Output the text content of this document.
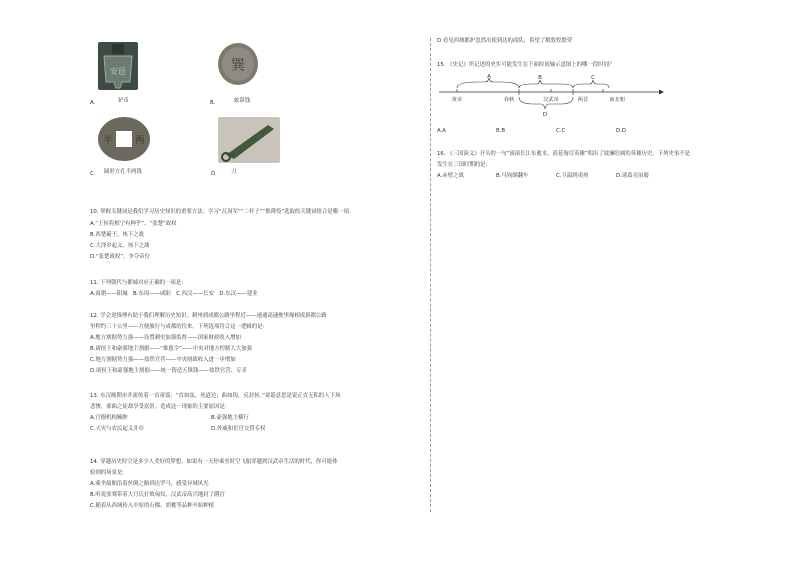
安邑
A.	铲币
巽
B.	蚁鼻钱
两
半
C. 圆形方孔半两钱	D.	刀
10. 掌握关键词是我们学习历史知识的重要方法。学习“瓦岗军”“二杆子”“推薄役”选取的关键词组合是哪一项：
A.“王侯将相宁有种乎”、“张楚”政权
B.西楚霸王、垓下之战
C.大泽乡起义、垓下之战
D.“张楚政权”、争夺帝位
11. 下列朝代与都城对应正确的一项是：
A.商朝——阳城　B.东周——咸阳　C.西汉——长安　D.东汉——建业
12. 学会逆推理有助于我们理解历史知识。刺州到成都公路里程近——速通高速驶里缘相成新都公路
里程约三十公里——方便旅行与成都的往来。下列选项符合这一逻辑的是：
A.地方割据势力强——设置刺史加强监督——国家财政收入增加
B.诸侯王和豪强地主割据——“推恩令”——中央对地方控制大大加强
C.地方割据势力强——盐铁官营——中央财政收入进一步增加
D.诸侯王和豪强地主割据——统一铸造五铢钱——盐铁官营、专卖
13. 东汉晚期市井流传着一首童谣：“直如弦，死道边；曲如钩，反封侯。”童谣意思是说正直无私的人下场
悲惨，邪曲之徒却享受富贵。造成这一现象的主要原因是：
A.官僚机构臃肿	B.豪强地主横行
C.天灾与农民起义并存	D.外戚和宦官交替专权
14. 穿越历史时空是多少人美好的梦想。如果有一天你乘坐时空飞船穿越到汉武帝生活的时代，你可能体
验到的场景是：
A.乘坐船舶沿着丝绸之路到达罗马，感受异域风光
B.听说张骞带着大月氏打败匈奴，汉武帝高兴地封了爵官
C.随着从西域传入中原的石榴、胡桃等品种开始种植
D.看见西域都护忽然出使到达的商队，希望了解敦煌繁荣
15. 《史记》所记述的史实可能发生在下面时间轴示意图上的哪一段时间？
A	B	C
D
黄帝	春秋	汉武帝	两晋	南北朝
A.A	B.B	C.C	D.D
16. 《三国演义》开头的一句“滚滚长江东逝水，浪花淘尽英雄”唱出了波澜壮阔的英雄历史。下列史事不是
发生在三国时期的是：
A.赤壁之战	B.马钧制翻车	C.卫温到夷州	D.诸葛亮治蜀
